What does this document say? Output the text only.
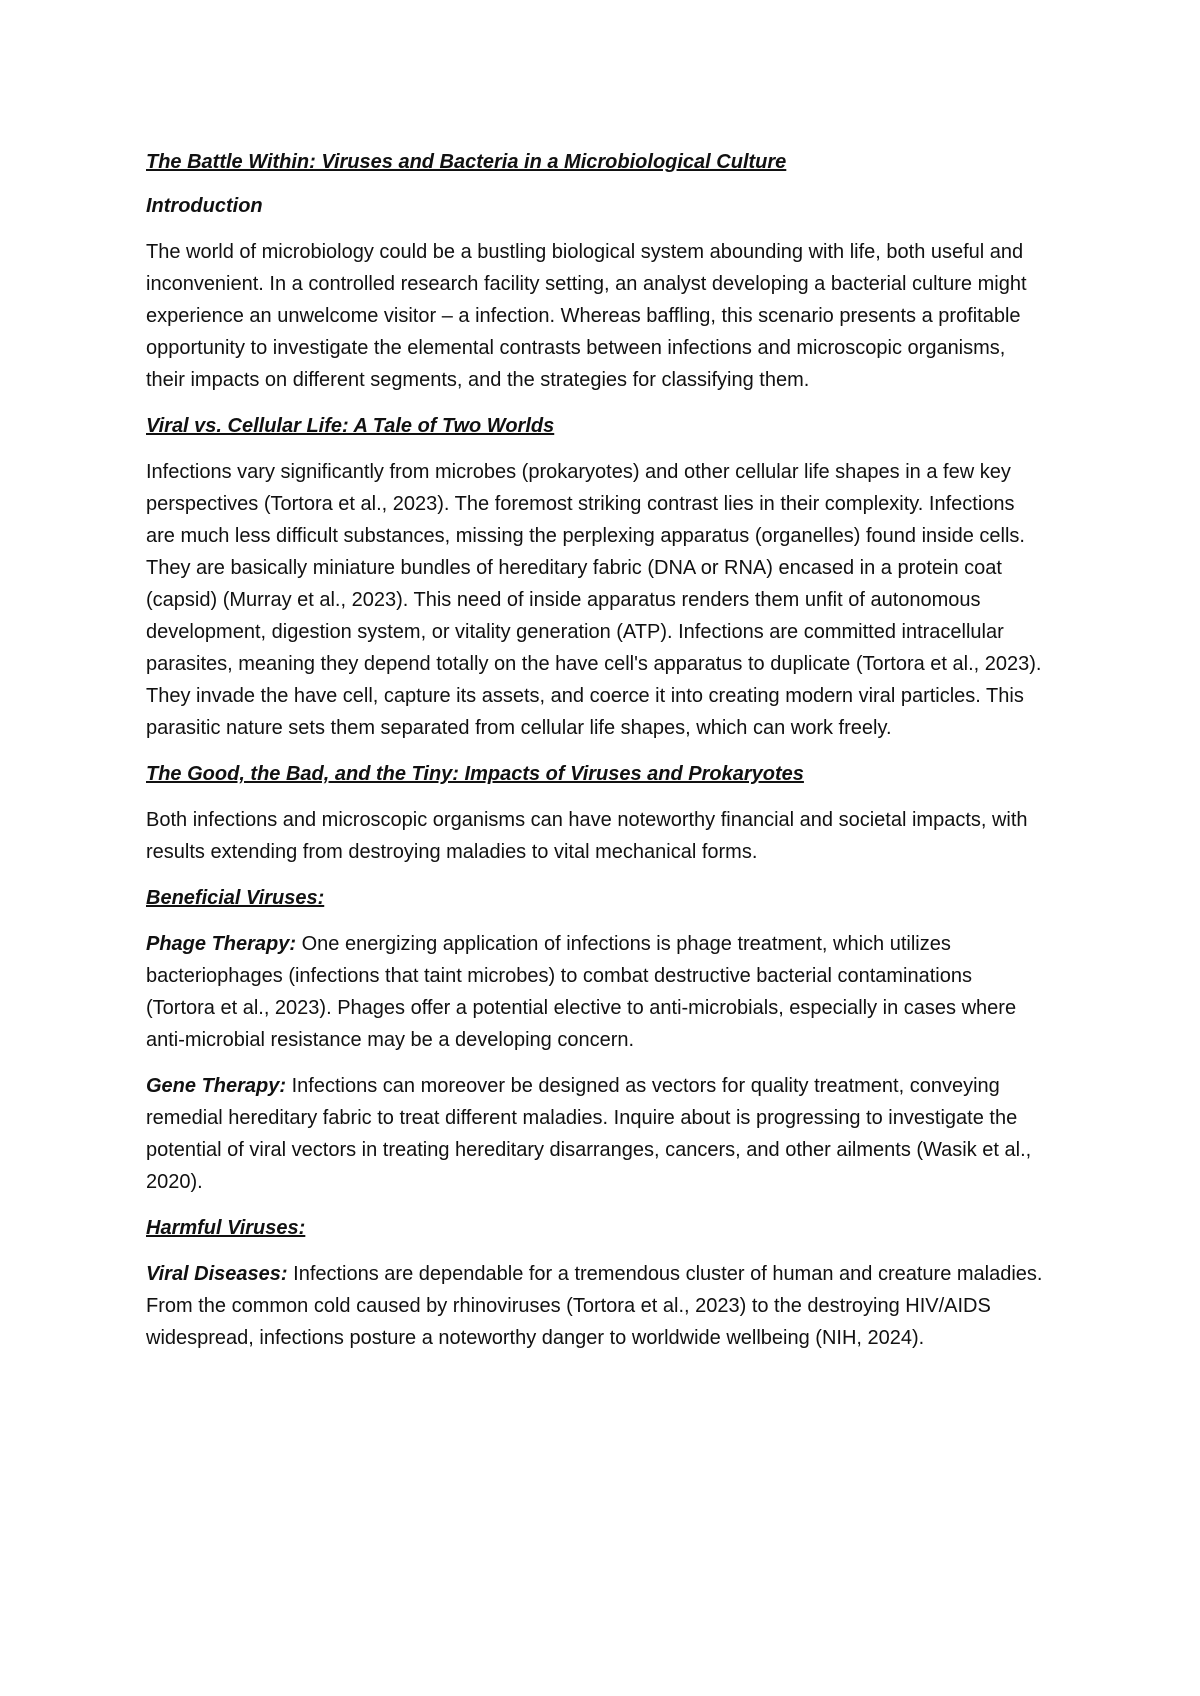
The Battle Within: Viruses and Bacteria in a Microbiological Culture
Introduction

The world of microbiology could be a bustling biological system abounding with life, both useful and inconvenient. In a controlled research facility setting, an analyst developing a bacterial culture might experience an unwelcome visitor – a infection. Whereas baffling, this scenario presents a profitable opportunity to investigate the elemental contrasts between infections and microscopic organisms, their impacts on different segments, and the strategies for classifying them.

Viral vs. Cellular Life: A Tale of Two Worlds

Infections vary significantly from microbes (prokaryotes) and other cellular life shapes in a few key perspectives (Tortora et al., 2023). The foremost striking contrast lies in their complexity. Infections are much less difficult substances, missing the perplexing apparatus (organelles) found inside cells. They are basically miniature bundles of hereditary fabric (DNA or RNA) encased in a protein coat (capsid) (Murray et al., 2023). This need of inside apparatus renders them unfit of autonomous development, digestion system, or vitality generation (ATP). Infections are committed intracellular parasites, meaning they depend totally on the have cell's apparatus to duplicate (Tortora et al., 2023). They invade the have cell, capture its assets, and coerce it into creating modern viral particles. This parasitic nature sets them separated from cellular life shapes, which can work freely.

The Good, the Bad, and the Tiny: Impacts of Viruses and Prokaryotes

Both infections and microscopic organisms can have noteworthy financial and societal impacts, with results extending from destroying maladies to vital mechanical forms.

Beneficial Viruses:

Phage Therapy: One energizing application of infections is phage treatment, which utilizes bacteriophages (infections that taint microbes) to combat destructive bacterial contaminations (Tortora et al., 2023). Phages offer a potential elective to anti-microbials, especially in cases where anti-microbial resistance may be a developing concern.

Gene Therapy: Infections can moreover be designed as vectors for quality treatment, conveying remedial hereditary fabric to treat different maladies. Inquire about is progressing to investigate the potential of viral vectors in treating hereditary disarranges, cancers, and other ailments (Wasik et al., 2020).

Harmful Viruses:

Viral Diseases: Infections are dependable for a tremendous cluster of human and creature maladies. From the common cold caused by rhinoviruses (Tortora et al., 2023) to the destroying HIV/AIDS widespread, infections posture a noteworthy danger to worldwide wellbeing (NIH, 2024).
